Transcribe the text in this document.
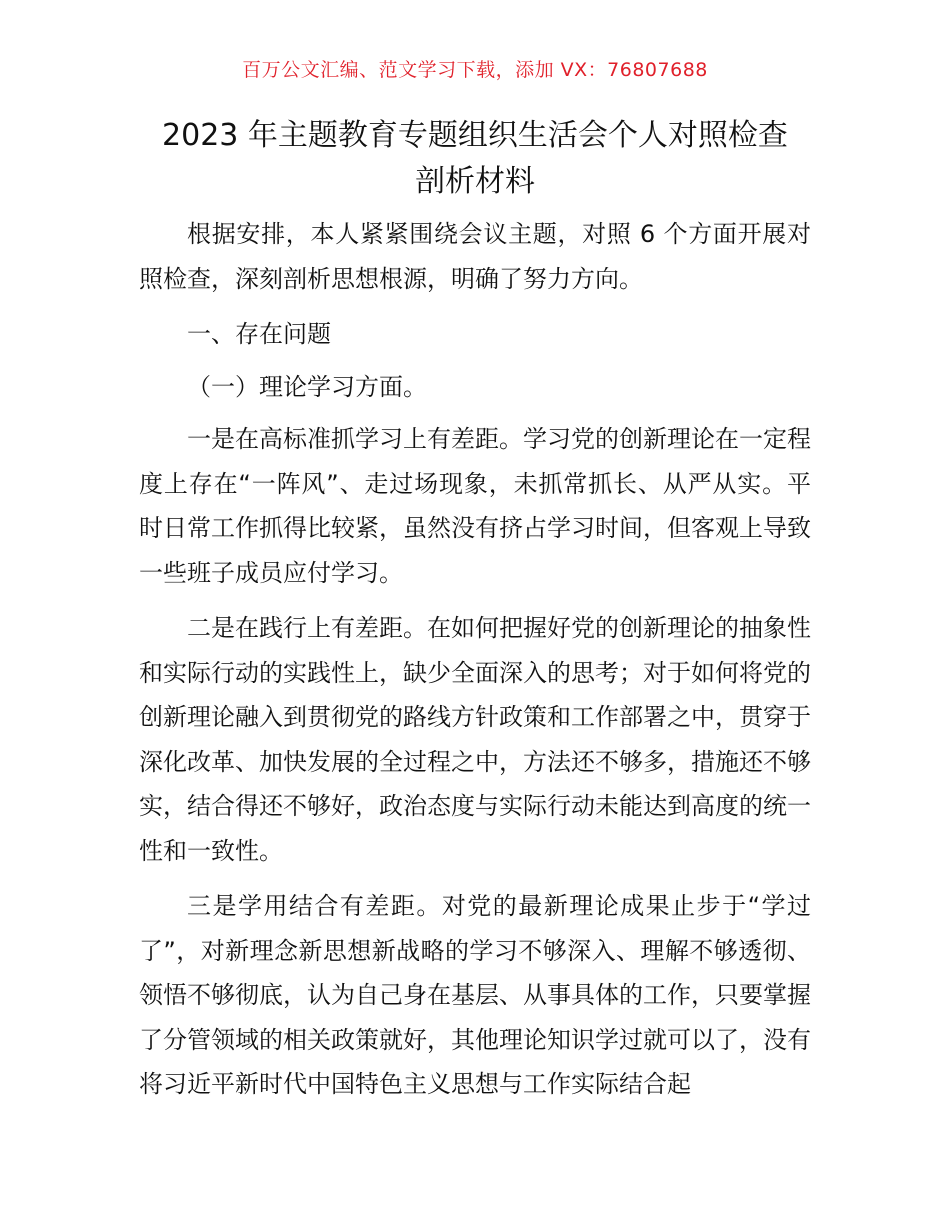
百万公文汇编、范文学习下载，添加 VX：76807688
2023 年主题教育专题组织生活会个人对照检查
剖析材料

根据安排，本人紧紧围绕会议主题，对照 6 个方面开展对照检查，深刻剖析思想根源，明确了努力方向。

一、存在问题

（一）理论学习方面。

一是在高标准抓学习上有差距。学习党的创新理论在一定程度上存在“一阵风”、走过场现象，未抓常抓长、从严从实。平时日常工作抓得比较紧，虽然没有挤占学习时间，但客观上导致一些班子成员应付学习。

二是在践行上有差距。在如何把握好党的创新理论的抽象性和实际行动的实践性上，缺少全面深入的思考；对于如何将党的创新理论融入到贯彻党的路线方针政策和工作部署之中，贯穿于深化改革、加快发展的全过程之中，方法还不够多，措施还不够实，结合得还不够好，政治态度与实际行动未能达到高度的统一性和一致性。

三是学用结合有差距。对党的最新理论成果止步于“学过了”，对新理念新思想新战略的学习不够深入、理解不够透彻、领悟不够彻底，认为自己身在基层、从事具体的工作，只要掌握了分管领域的相关政策就好，其他理论知识学过就可以了，没有将习近平新时代中国特色主义思想与工作实际结合起
